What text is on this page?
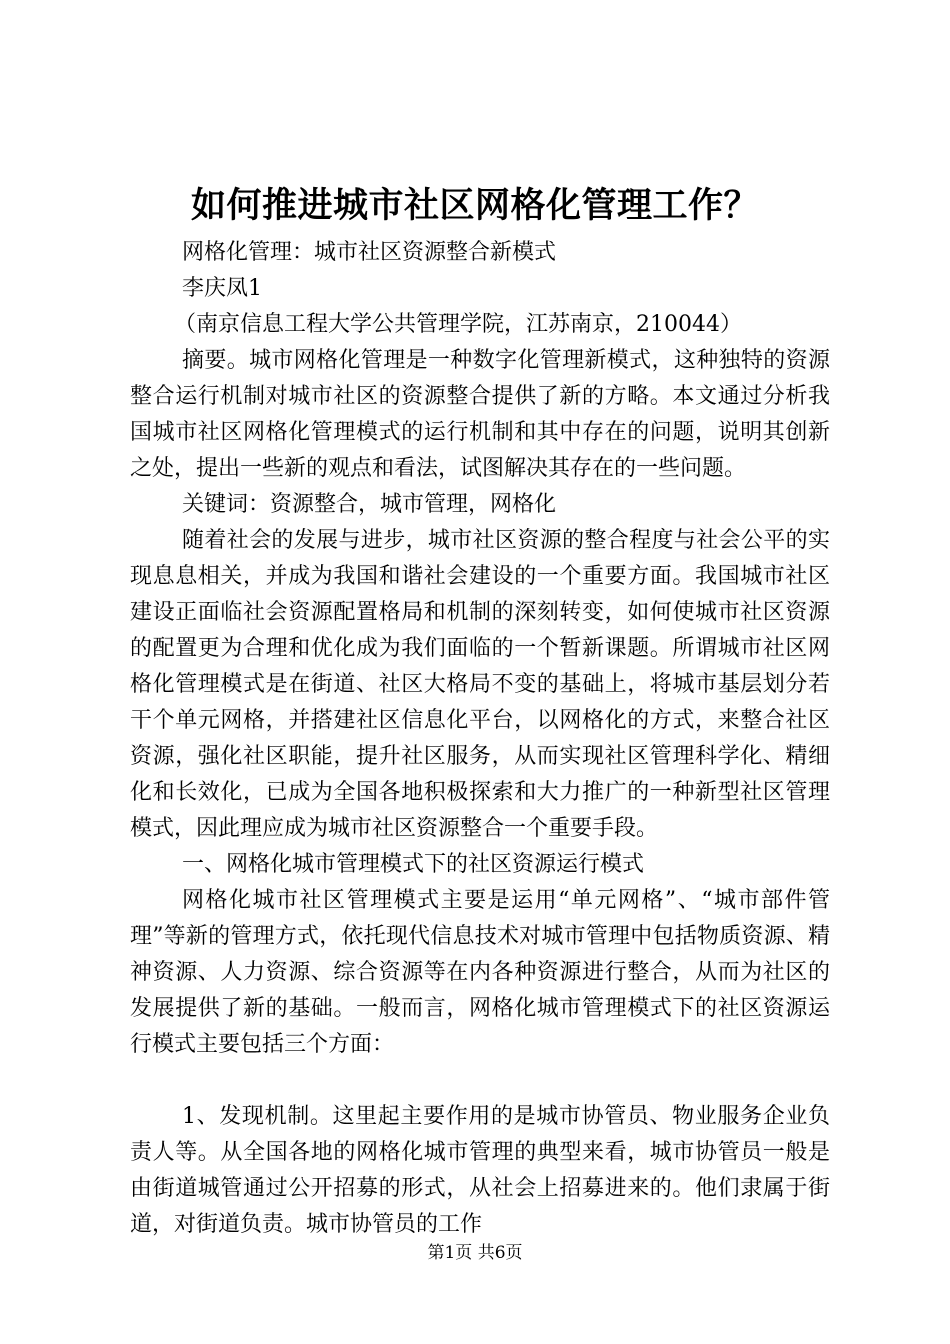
如何推进城市社区网格化管理工作？

网格化管理：城市社区资源整合新模式

李庆凤1

（南京信息工程大学公共管理学院，江苏南京，210044）

摘要。城市网格化管理是一种数字化管理新模式，这种独特的资源整合运行机制对城市社区的资源整合提供了新的方略。本文通过分析我国城市社区网格化管理模式的运行机制和其中存在的问题，说明其创新之处，提出一些新的观点和看法，试图解决其存在的一些问题。

关键词：资源整合，城市管理，网格化

随着社会的发展与进步，城市社区资源的整合程度与社会公平的实现息息相关，并成为我国和谐社会建设的一个重要方面。我国城市社区建设正面临社会资源配置格局和机制的深刻转变，如何使城市社区资源的配置更为合理和优化成为我们面临的一个暂新课题。所谓城市社区网格化管理模式是在街道、社区大格局不变的基础上，将城市基层划分若干个单元网格，并搭建社区信息化平台，以网格化的方式，来整合社区资源，强化社区职能，提升社区服务，从而实现社区管理科学化、精细化和长效化，已成为全国各地积极探索和大力推广的一种新型社区管理模式，因此理应成为城市社区资源整合一个重要手段。

一、网格化城市管理模式下的社区资源运行模式

网格化城市社区管理模式主要是运用“单元网格”、“城市部件管理”等新的管理方式，依托现代信息技术对城市管理中包括物质资源、精神资源、人力资源、综合资源等在内各种资源进行整合，从而为社区的发展提供了新的基础。一般而言，网格化城市管理模式下的社区资源运行模式主要包括三个方面：

1、发现机制。这里起主要作用的是城市协管员、物业服务企业负责人等。从全国各地的网格化城市管理的典型来看，城市协管员一般是由街道城管通过公开招募的形式，从社会上招募进来的。他们隶属于街道，对街道负责。城市协管员的工作

第1页 共6页
